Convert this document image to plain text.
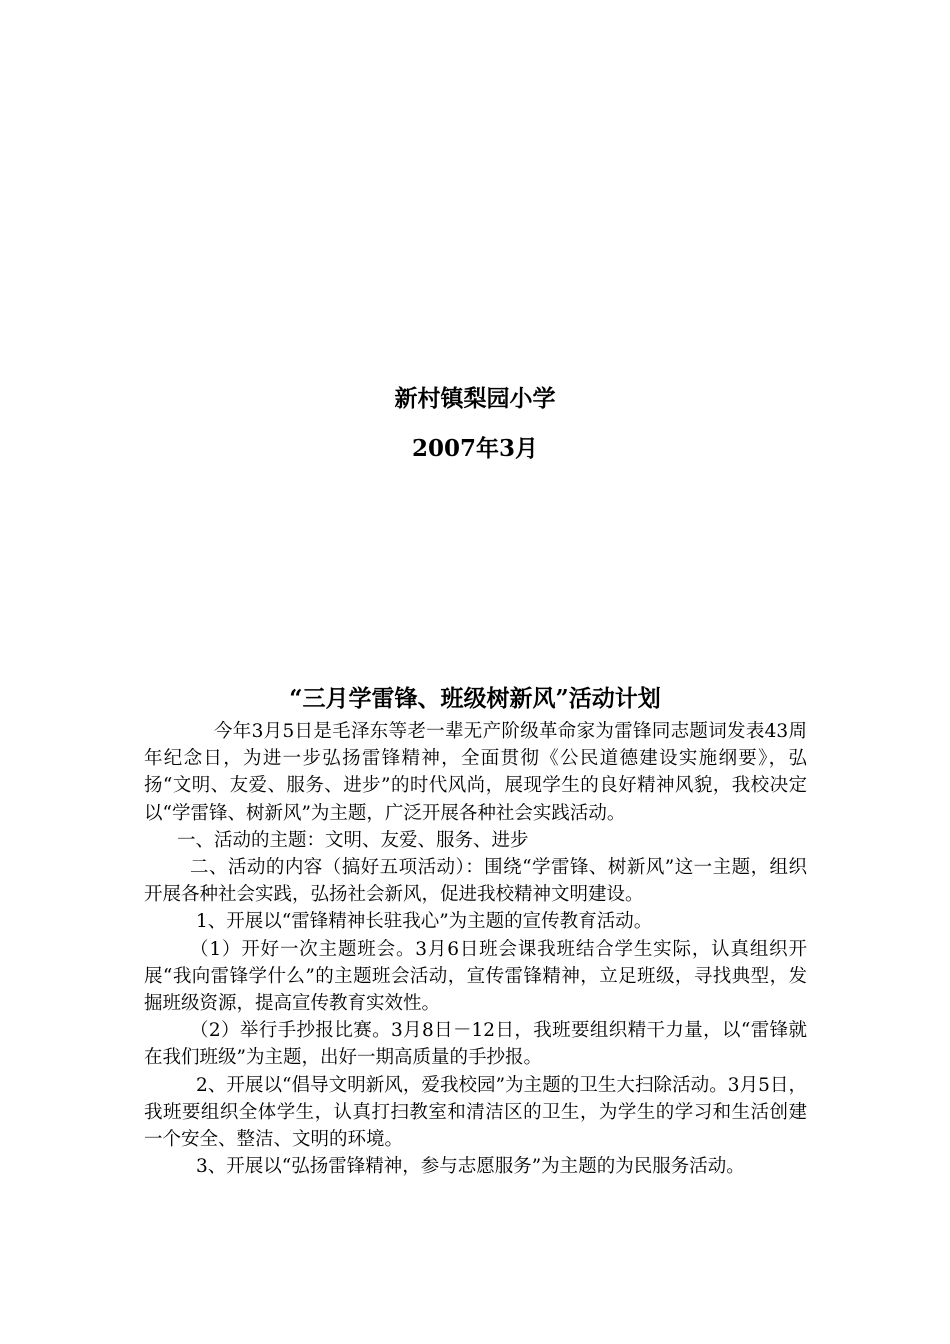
新村镇梨园小学
2007年3月
“三月学雷锋、班级树新风”活动计划

今年3月5日是毛泽东等老一辈无产阶级革命家为雷锋同志题词发表43周年纪念日，为进一步弘扬雷锋精神，全面贯彻《公民道德建设实施纲要》，弘扬“文明、友爱、服务、进步”的时代风尚，展现学生的良好精神风貌，我校决定以“学雷锋、树新风”为主题，广泛开展各种社会实践活动。

一、活动的主题：文明、友爱、服务、进步

二、活动的内容（搞好五项活动）：围绕“学雷锋、树新风”这一主题，组织开展各种社会实践，弘扬社会新风，促进我校精神文明建设。

1、开展以“雷锋精神长驻我心”为主题的宣传教育活动。

（1）开好一次主题班会。3月6日班会课我班结合学生实际，认真组织开展“我向雷锋学什么”的主题班会活动，宣传雷锋精神，立足班级，寻找典型，发掘班级资源，提高宣传教育实效性。

（2）举行手抄报比赛。3月8日－12日，我班要组织精干力量，以“雷锋就在我们班级”为主题，出好一期高质量的手抄报。

2、开展以“倡导文明新风，爱我校园”为主题的卫生大扫除活动。3月5日，我班要组织全体学生，认真打扫教室和清洁区的卫生，为学生的学习和生活创建一个安全、整洁、文明的环境。

3、开展以“弘扬雷锋精神，参与志愿服务”为主题的为民服务活动。
